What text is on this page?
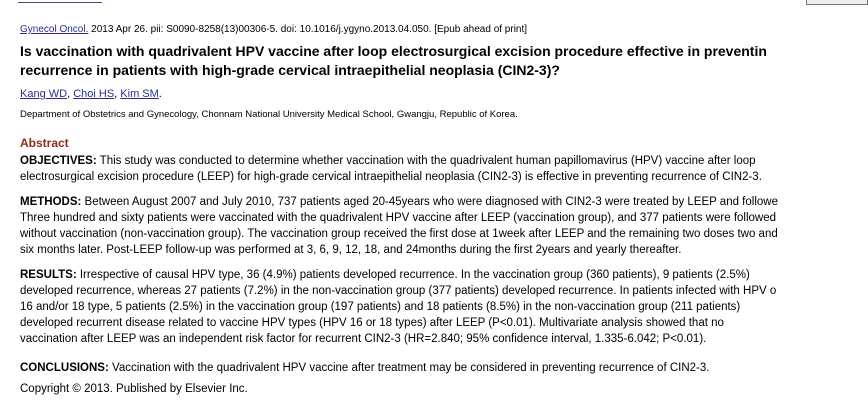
Gynecol Oncol. 2013 Apr 26. pii: S0090-8258(13)00306-5. doi: 10.1016/j.ygyno.2013.04.050. [Epub ahead of print]
Is vaccination with quadrivalent HPV vaccine after loop electrosurgical excision procedure effective in preventin
recurrence in patients with high-grade cervical intraepithelial neoplasia (CIN2-3)?
Kang WD, Choi HS, Kim SM.
Department of Obstetrics and Gynecology, Chonnam National University Medical School, Gwangju, Republic of Korea.
Abstract
OBJECTIVES: This study was conducted to determine whether vaccination with the quadrivalent human papillomavirus (HPV) vaccine after loop
electrosurgical excision procedure (LEEP) for high-grade cervical intraepithelial neoplasia (CIN2-3) is effective in preventing recurrence of CIN2-3.
METHODS: Between August 2007 and July 2010, 737 patients aged 20-45years who were diagnosed with CIN2-3 were treated by LEEP and followe
Three hundred and sixty patients were vaccinated with the quadrivalent HPV vaccine after LEEP (vaccination group), and 377 patients were followed
without vaccination (non-vaccination group). The vaccination group received the first dose at 1week after LEEP and the remaining two doses two and
six months later. Post-LEEP follow-up was performed at 3, 6, 9, 12, 18, and 24months during the first 2years and yearly thereafter.
RESULTS: Irrespective of causal HPV type, 36 (4.9%) patients developed recurrence. In the vaccination group (360 patients), 9 patients (2.5%)
developed recurrence, whereas 27 patients (7.2%) in the non-vaccination group (377 patients) developed recurrence. In patients infected with HPV o
16 and/or 18 type, 5 patients (2.5%) in the vaccination group (197 patients) and 18 patients (8.5%) in the non-vaccination group (211 patients)
developed recurrent disease related to vaccine HPV types (HPV 16 or 18 types) after LEEP (P<0.01). Multivariate analysis showed that no
vaccination after LEEP was an independent risk factor for recurrent CIN2-3 (HR=2.840; 95% confidence interval, 1.335-6.042; P<0.01).
CONCLUSIONS: Vaccination with the quadrivalent HPV vaccine after treatment may be considered in preventing recurrence of CIN2-3.
Copyright © 2013. Published by Elsevier Inc.
